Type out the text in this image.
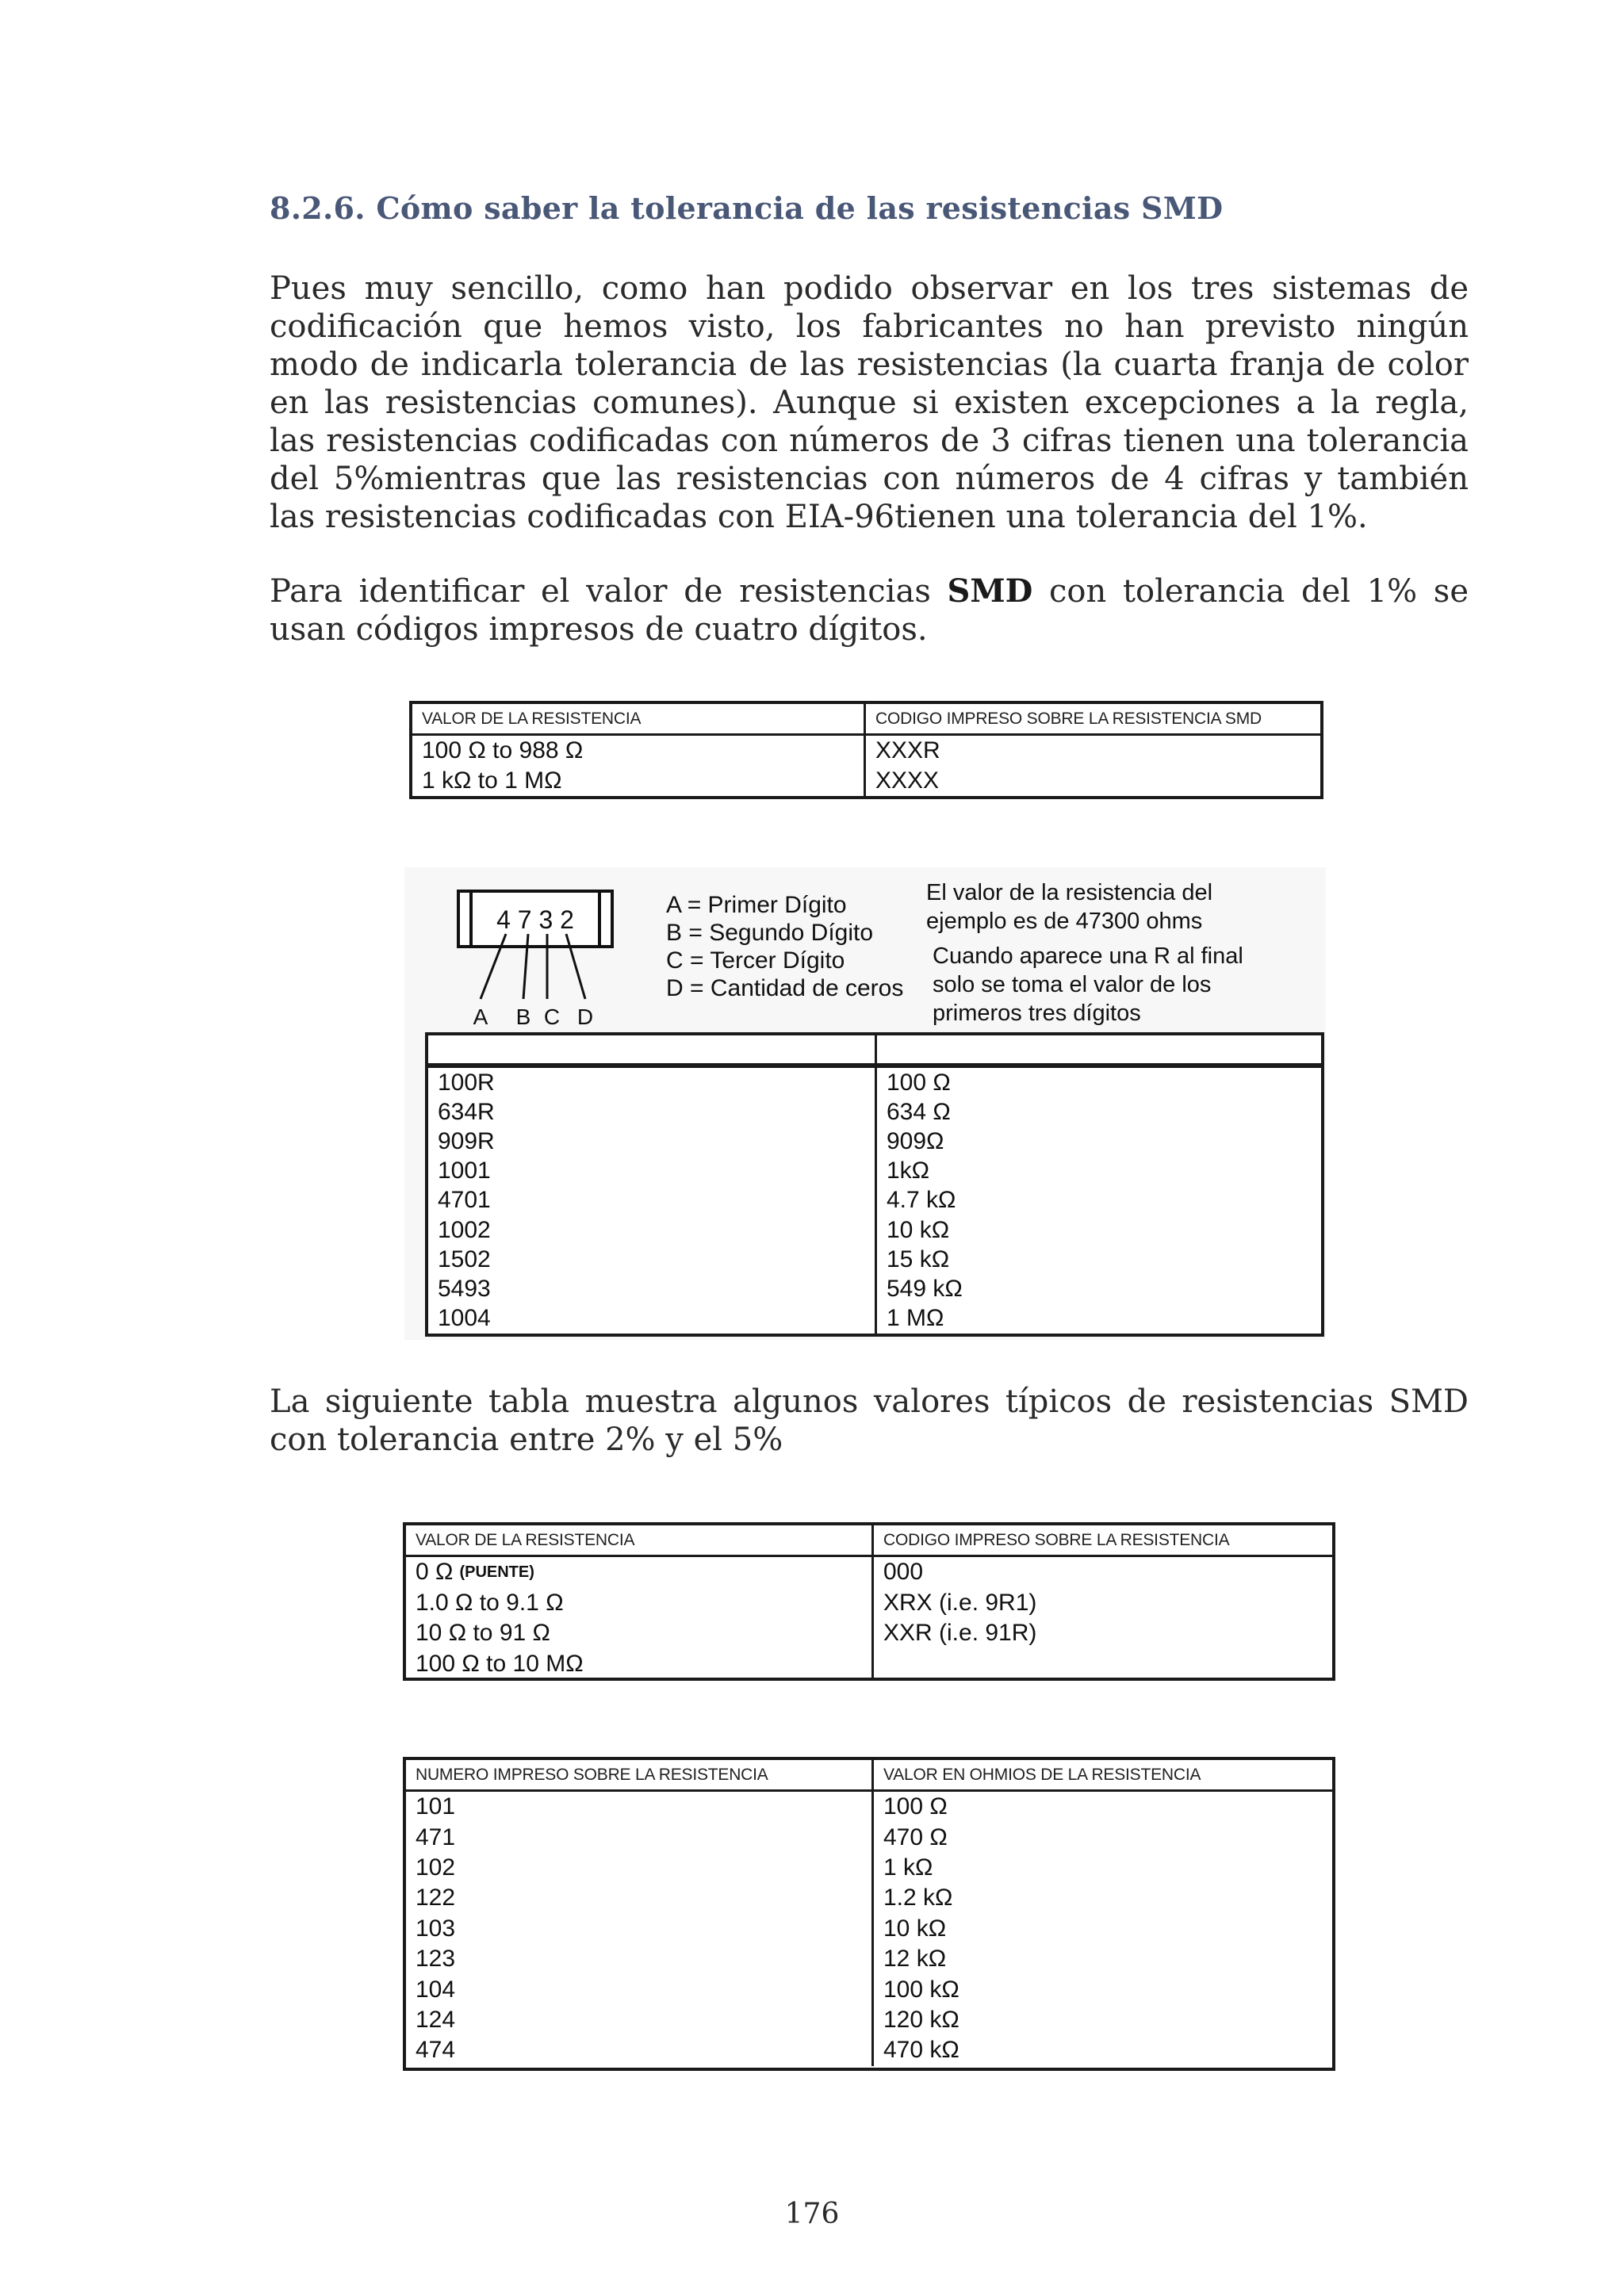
8.2.6. Cómo saber la tolerancia de las resistencias SMD

Pues muy sencillo, como han podido observar en los tres sistemas de codificación que hemos visto, los fabricantes no han previsto ningún modo de indicarla tolerancia de las resistencias (la cuarta franja de color en las resistencias comunes). Aunque si existen excepciones a la regla, las resistencias codificadas con números de 3 cifras tienen una tolerancia del 5%mientras que las resistencias con números de 4 cifras y también las resistencias codificadas con EIA-96tienen una tolerancia del 1%.

Para identificar el valor de resistencias SMD con tolerancia del 1% se usan códigos impresos de cuatro dígitos.

VALOR DE LA RESISTENCIA	CODIGO IMPRESO SOBRE LA RESISTENCIA SMD
100 Ω to 988 Ω	XXXR
1 kΩ to 1 MΩ	XXXX
4 7 3 2
A B C D
A = Primer Dígito
B = Segundo Dígito
C = Tercer Dígito
D = Cantidad de ceros
El valor de la resistencia del
ejemplo es de 47300 ohms
Cuando aparece una R al final
solo se toma el valor de los
primeros tres dígitos
100R	100 Ω
634R	634 Ω
909R	909Ω
1001	1kΩ
4701	4.7 kΩ
1002	10 kΩ
1502	15 kΩ
5493	549 kΩ
1004	1 MΩ

La siguiente tabla muestra algunos valores típicos de resistencias SMD con tolerancia entre 2% y el 5%

VALOR DE LA RESISTENCIA	CODIGO IMPRESO SOBRE LA RESISTENCIA
0 Ω (PUENTE)	000
1.0 Ω to 9.1 Ω	XRX (i.e. 9R1)
10 Ω to 91 Ω	XXR (i.e. 91R)
100 Ω to 10 MΩ
NUMERO IMPRESO SOBRE LA RESISTENCIA	VALOR EN OHMIOS DE LA RESISTENCIA
101	100 Ω
471	470 Ω
102	1 kΩ
122	1.2 kΩ
103	10 kΩ
123	12 kΩ
104	100 kΩ
124	120 kΩ
474	470 kΩ
176
